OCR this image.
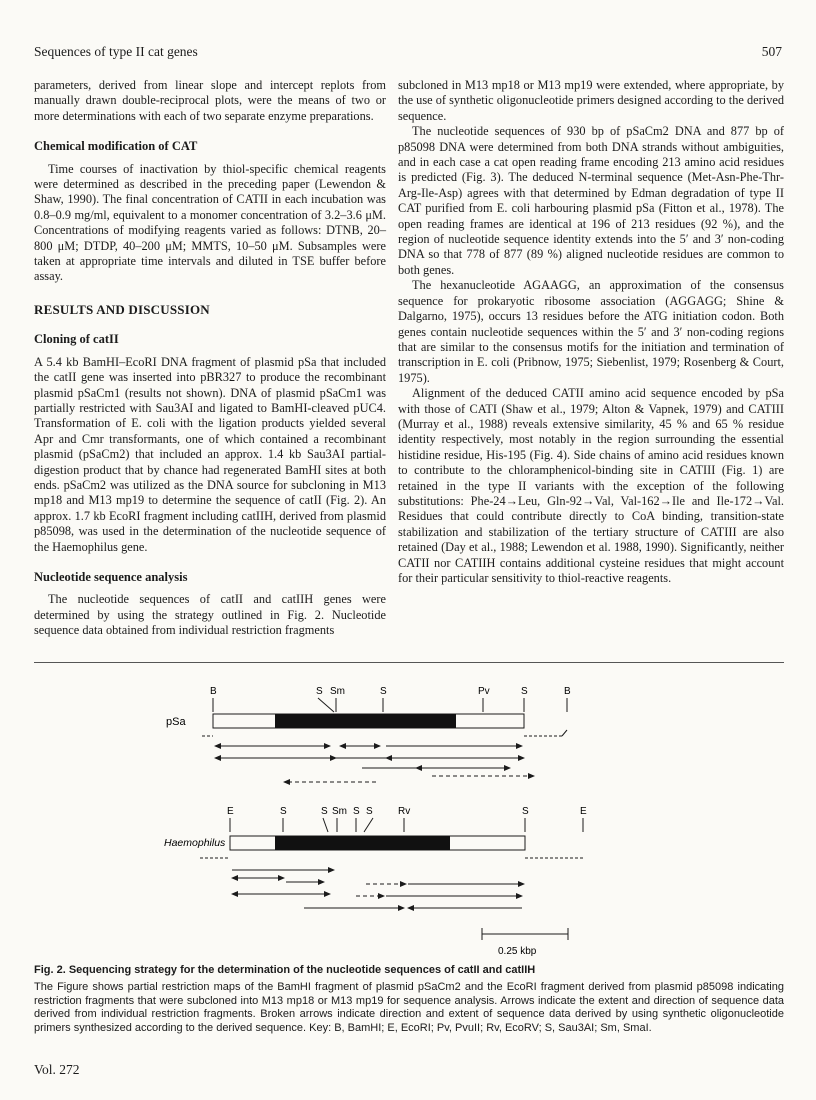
Sequences of type II cat genes	507

parameters, derived from linear slope and intercept replots from manually drawn double-reciprocal plots, were the means of two or more determinations with each of two separate enzyme preparations.

Chemical modification of CAT

Time courses of inactivation by thiol-specific chemical reagents were determined as described in the preceding paper (Lewendon & Shaw, 1990). The final concentration of CATII in each incubation was 0.8–0.9 mg/ml, equivalent to a monomer concentration of 3.2–3.6 μM. Concentrations of modifying reagents varied as follows: DTNB, 20–800 μM; DTDP, 40–200 μM; MMTS, 10–50 μM. Subsamples were taken at appropriate time intervals and diluted in TSE buffer before assay.

RESULTS AND DISCUSSION
Cloning of catII

A 5.4 kb BamHI–EcoRI DNA fragment of plasmid pSa that included the catII gene was inserted into pBR327 to produce the recombinant plasmid pSaCm1 (results not shown). DNA of plasmid pSaCm1 was partially restricted with Sau3AI and ligated to BamHI-cleaved pUC4. Transformation of E. coli with the ligation products yielded several Apr and Cmr transformants, one of which contained a recombinant plasmid (pSaCm2) that included an approx. 1.4 kb Sau3AI partial-digestion product that by chance had regenerated BamHI sites at both ends. pSaCm2 was utilized as the DNA source for subcloning in M13 mp18 and M13 mp19 to determine the sequence of catII (Fig. 2). An approx. 1.7 kb EcoRI fragment including catIIH, derived from plasmid p85098, was used in the determination of the nucleotide sequence of the Haemophilus gene.

Nucleotide sequence analysis

The nucleotide sequences of catII and catIIH genes were determined by using the strategy outlined in Fig. 2. Nucleotide sequence data obtained from individual restriction fragments

subcloned in M13 mp18 or M13 mp19 were extended, where appropriate, by the use of synthetic oligonucleotide primers designed according to the derived sequence.

The nucleotide sequences of 930 bp of pSaCm2 DNA and 877 bp of p85098 DNA were determined from both DNA strands without ambiguities, and in each case a cat open reading frame encoding 213 amino acid residues is predicted (Fig. 3). The deduced N-terminal sequence (Met-Asn-Phe-Thr-Arg-Ile-Asp) agrees with that determined by Edman degradation of type II CAT purified from E. coli harbouring plasmid pSa (Fitton et al., 1978). The open reading frames are identical at 196 of 213 residues (92 %), and the region of nucleotide sequence identity extends into the 5′ and 3′ non-coding DNA so that 778 of 877 (89 %) aligned nucleotide residues are common to both genes.

The hexanucleotide AGAAGG, an approximation of the consensus sequence for prokaryotic ribosome association (AGGAGG; Shine & Dalgarno, 1975), occurs 13 residues before the ATG initiation codon. Both genes contain nucleotide sequences within the 5′ and 3′ non-coding regions that are similar to the consensus motifs for the initiation and termination of transcription in E. coli (Pribnow, 1975; Siebenlist, 1979; Rosenberg & Court, 1975).

Alignment of the deduced CATII amino acid sequence encoded by pSa with those of CATI (Shaw et al., 1979; Alton & Vapnek, 1979) and CATIII (Murray et al., 1988) reveals extensive similarity, 45 % and 65 % residue identity respectively, most notably in the region surrounding the essential histidine residue, His-195 (Fig. 4). Side chains of amino acid residues known to contribute to the chloramphenicol-binding site in CATIII (Fig. 1) are retained in the type II variants with the exception of the following substitutions: Phe-24→Leu, Gln-92→Val, Val-162→Ile and Ile-172→Val. Residues that could contribute directly to CoA binding, transition-state stabilization and stabilization of the tertiary structure of CATIII are also retained (Day et al., 1988; Lewendon et al. 1988, 1990). Significantly, neither CATII nor CATIIH contains additional cysteine residues that might account for their particular sensitivity to thiol-reactive reagents.

pSa
B	S Sm	S	Pv	S	B
Haemophilus
E	S	S Sm S S	Rv	S	E
0.25 kbp
Fig. 2. Sequencing strategy for the determination of the nucleotide sequences of catII and catIIH
The Figure shows partial restriction maps of the BamHI fragment of plasmid pSaCm2 and the EcoRI fragment derived from plasmid p85098 indicating restriction fragments that were subcloned into M13 mp18 or M13 mp19 for sequence analysis. Arrows indicate the extent and direction of sequence data derived from individual restriction fragments. Broken arrows indicate direction and extent of sequence data derived by using synthetic oligonucleotide primers synthesized according to the derived sequence. Key: B, BamHI; E, EcoRI; Pv, PvuII; Rv, EcoRV; S, Sau3AI; Sm, SmaI.
Vol. 272
